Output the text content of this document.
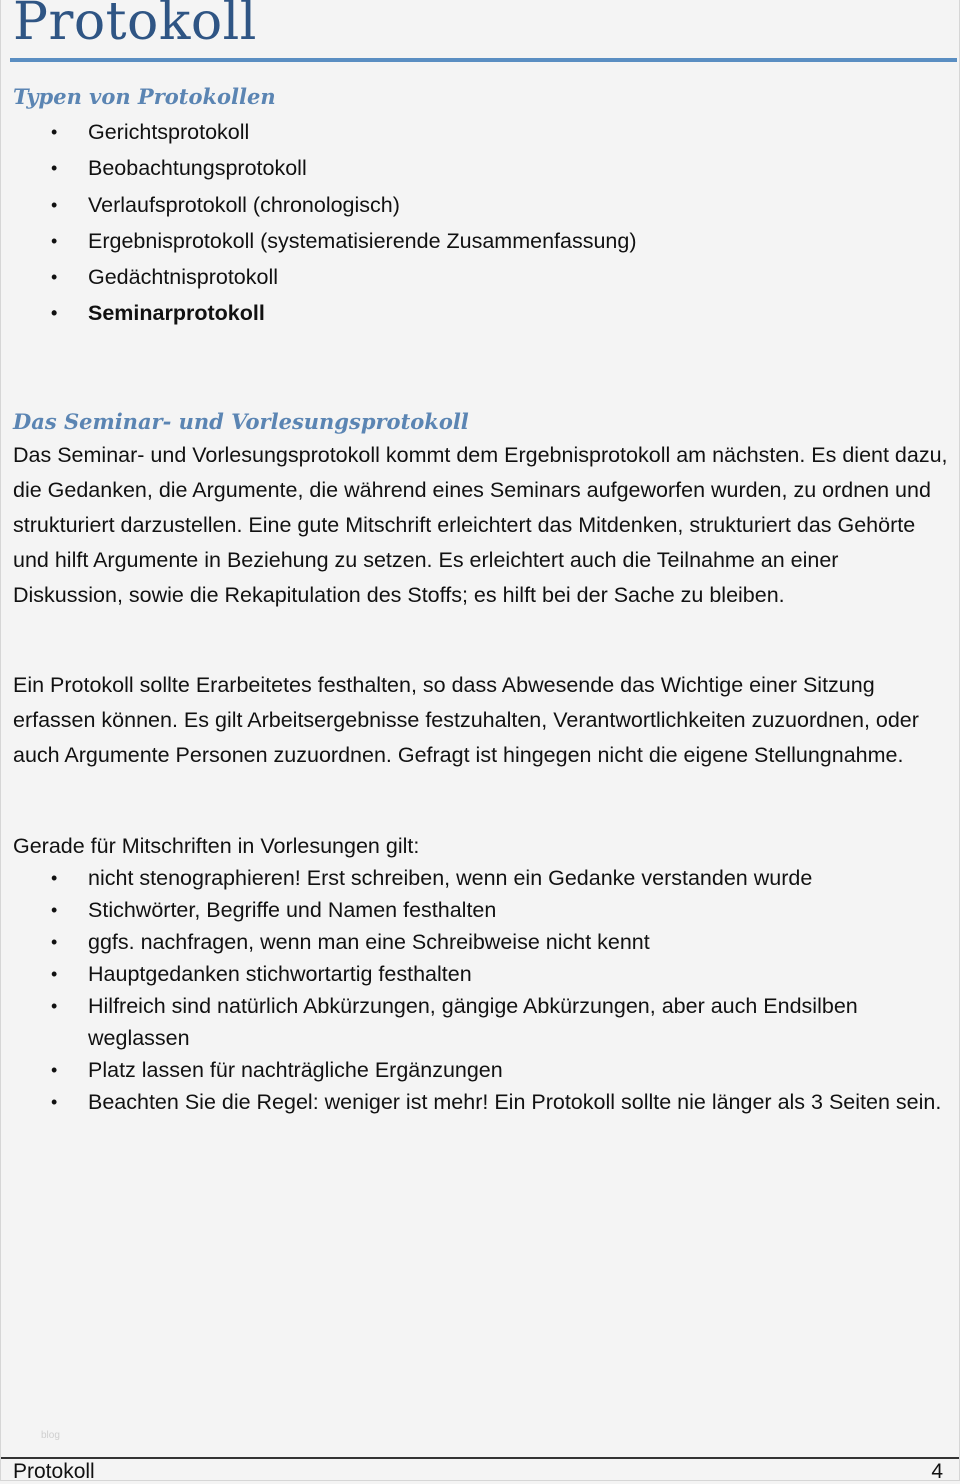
Protokoll
Typen von Protokollen
• Gerichtsprotokoll
• Beobachtungsprotokoll
• Verlaufsprotokoll (chronologisch)
• Ergebnisprotokoll (systematisierende Zusammenfassung)
• Gedächtnisprotokoll
• Seminarprotokoll
Das Seminar- und Vorlesungsprotokoll

Das Seminar- und Vorlesungsprotokoll kommt dem Ergebnisprotokoll am nächsten. Es dient dazu, die Gedanken, die Argumente, die während eines Seminars aufgeworfen wurden, zu ordnen und strukturiert darzustellen. Eine gute Mitschrift erleichtert das Mitdenken, strukturiert das Gehörte und hilft Argumente in Beziehung zu setzen. Es erleichtert auch die Teilnahme an einer Diskussion, sowie die Rekapitulation des Stoffs; es hilft bei der Sache zu bleiben.

Ein Protokoll sollte Erarbeitetes festhalten, so dass Abwesende das Wichtige einer Sitzung erfassen können. Es gilt Arbeitsergebnisse festzuhalten, Verantwortlichkeiten zuzuordnen, oder auch Argumente Personen zuzuordnen. Gefragt ist hingegen nicht die eigene Stellungnahme.

Gerade für Mitschriften in Vorlesungen gilt:

• nicht stenographieren! Erst schreiben, wenn ein Gedanke verstanden wurde
• Stichwörter, Begriffe und Namen festhalten
• ggfs. nachfragen, wenn man eine Schreibweise nicht kennt
• Hauptgedanken stichwortartig festhalten
• Hilfreich sind natürlich Abkürzungen, gängige Abkürzungen, aber auch Endsilben weglassen
• Platz lassen für nachträgliche Ergänzungen
• Beachten Sie die Regel: weniger ist mehr! Ein Protokoll sollte nie länger als 3 Seiten sein.
blog
Protokoll	4
